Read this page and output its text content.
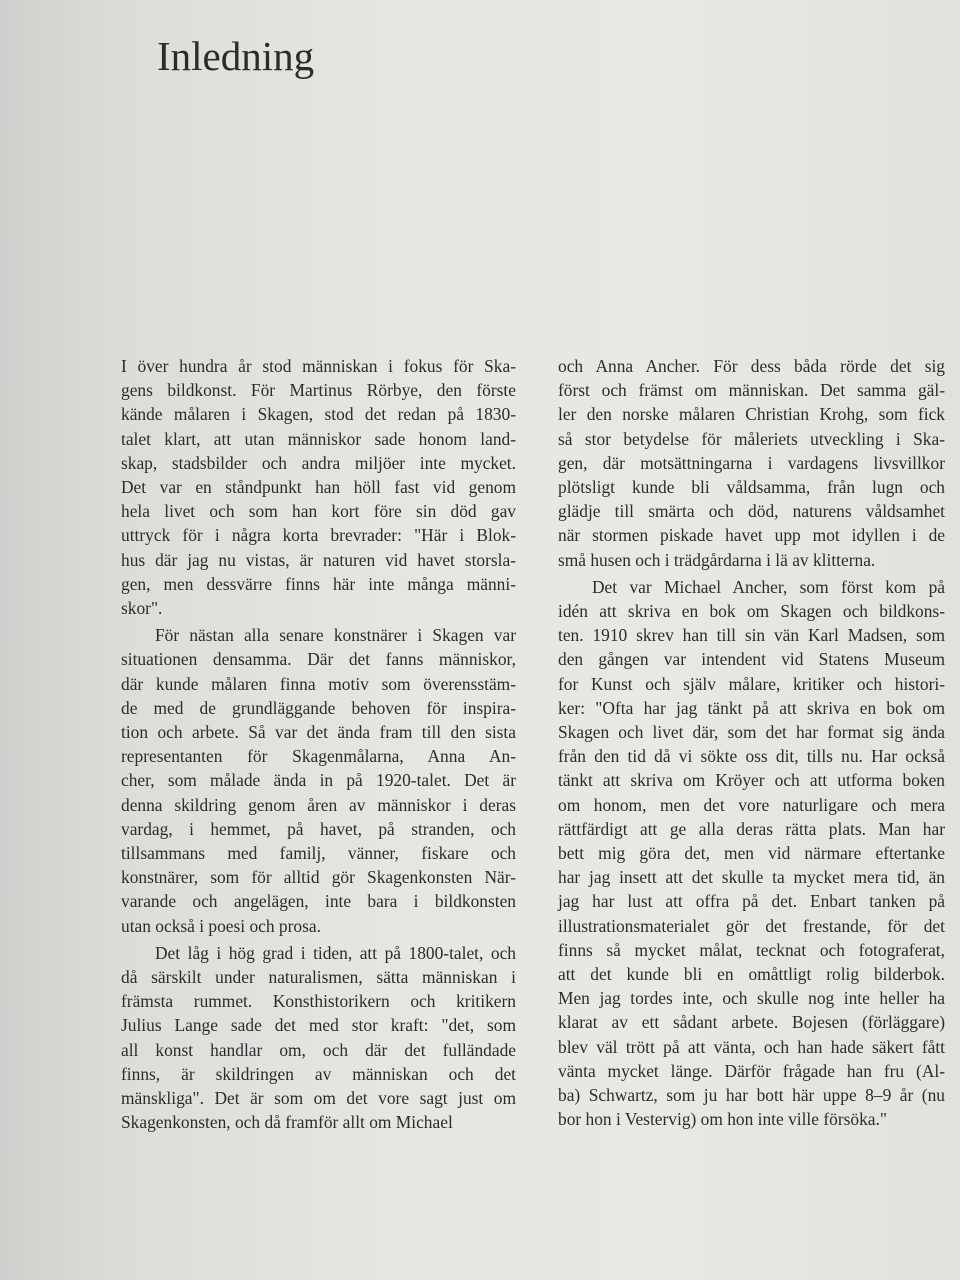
Inledning

I över hundra år stod människan i fokus för Ska-
gens bildkonst. För Martinus Rörbye, den förste
kände målaren i Skagen, stod det redan på 1830-
talet klart, att utan människor sade honom land-
skap, stadsbilder och andra miljöer inte mycket.
Det var en ståndpunkt han höll fast vid genom
hela livet och som han kort före sin död gav
uttryck för i några korta brevrader: "Här i Blok-
hus där jag nu vistas, är naturen vid havet storsla-
gen, men dessvärre finns här inte många männi-
skor".

För nästan alla senare konstnärer i Skagen var
situationen densamma. Där det fanns människor,
där kunde målaren finna motiv som överensstäm-
de med de grundläggande behoven för inspira-
tion och arbete. Så var det ända fram till den sista
representanten för Skagenmålarna, Anna An-
cher, som målade ända in på 1920-talet. Det är
denna skildring genom åren av människor i deras
vardag, i hemmet, på havet, på stranden, och
tillsammans med familj, vänner, fiskare och
konstnärer, som för alltid gör Skagenkonsten När-
varande och angelägen, inte bara i bildkonsten
utan också i poesi och prosa.

Det låg i hög grad i tiden, att på 1800-talet, och
då särskilt under naturalismen, sätta människan i
främsta rummet. Konsthistorikern och kritikern
Julius Lange sade det med stor kraft: "det, som
all konst handlar om, och där det fulländade
finns, är skildringen av människan och det
mänskliga". Det är som om det vore sagt just om
Skagenkonsten, och då framför allt om Michael

och Anna Ancher. För dess båda rörde det sig
först och främst om människan. Det samma gäl-
ler den norske målaren Christian Krohg, som fick
så stor betydelse för måleriets utveckling i Ska-
gen, där motsättningarna i vardagens livsvillkor
plötsligt kunde bli våldsamma, från lugn och
glädje till smärta och död, naturens våldsamhet
när stormen piskade havet upp mot idyllen i de
små husen och i trädgårdarna i lä av klitterna.

Det var Michael Ancher, som först kom på
idén att skriva en bok om Skagen och bildkons-
ten. 1910 skrev han till sin vän Karl Madsen, som
den gången var intendent vid Statens Museum
for Kunst och själv målare, kritiker och histori-
ker: "Ofta har jag tänkt på att skriva en bok om
Skagen och livet där, som det har format sig ända
från den tid då vi sökte oss dit, tills nu. Har också
tänkt att skriva om Kröyer och att utforma boken
om honom, men det vore naturligare och mera
rättfärdigt att ge alla deras rätta plats. Man har
bett mig göra det, men vid närmare eftertanke
har jag insett att det skulle ta mycket mera tid, än
jag har lust att offra på det. Enbart tanken på
illustrationsmaterialet gör det frestande, för det
finns så mycket målat, tecknat och fotograferat,
att det kunde bli en omåttligt rolig bilderbok.
Men jag tordes inte, och skulle nog inte heller ha
klarat av ett sådant arbete. Bojesen (förläggare)
blev väl trött på att vänta, och han hade säkert fått
vänta mycket länge. Därför frågade han fru (Al-
ba) Schwartz, som ju har bott här uppe 8–9 år (nu
bor hon i Vestervig) om hon inte ville försöka."
